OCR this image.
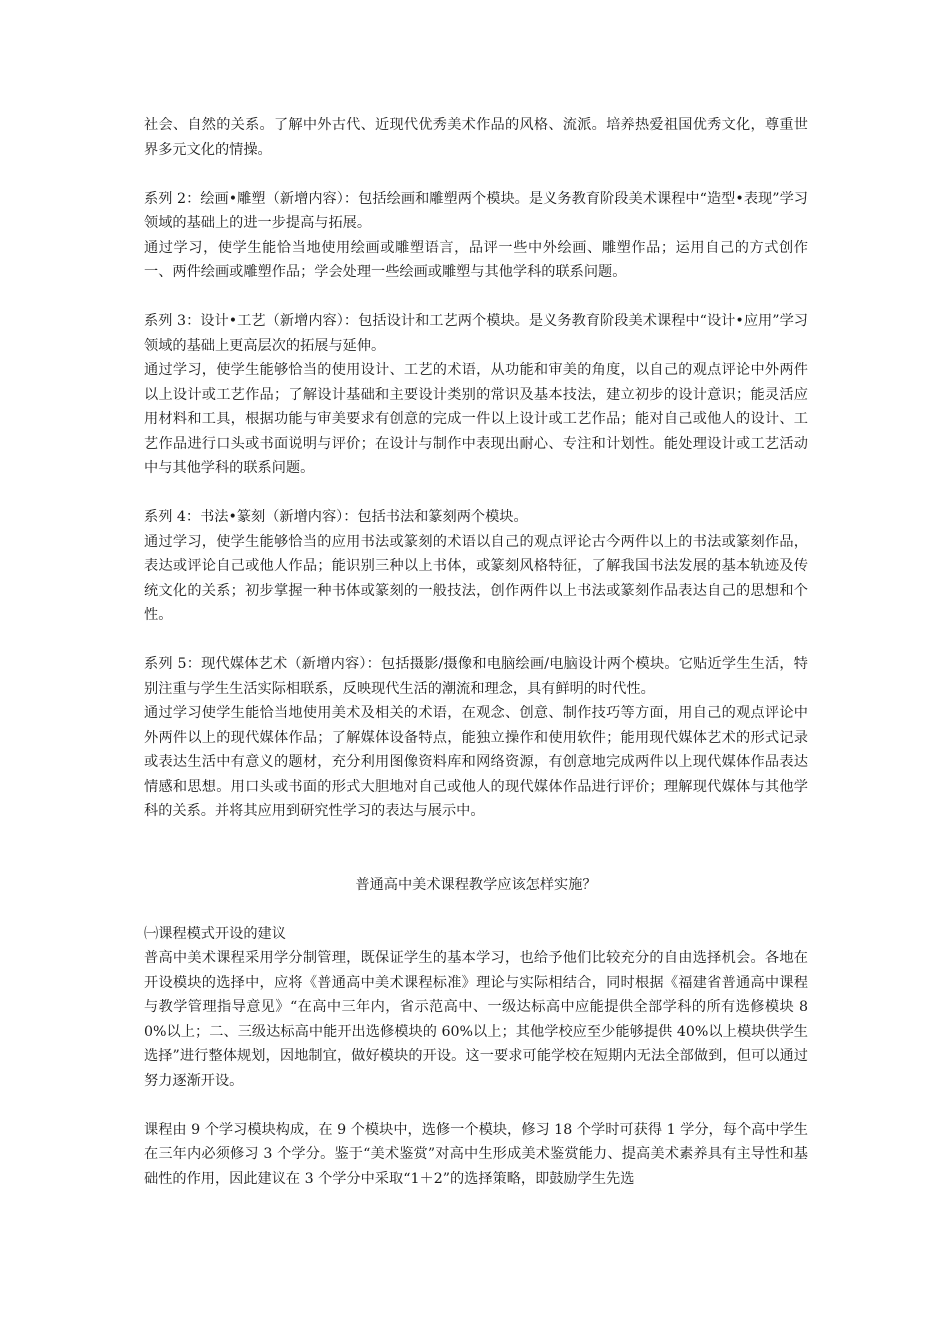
社会、自然的关系。了解中外古代、近现代优秀美术作品的风格、流派。培养热爱祖国优秀文化，尊重世界多元文化的情操。

系列 2：绘画•雕塑（新增内容）：包括绘画和雕塑两个模块。是义务教育阶段美术课程中“造型•表现”学习领域的基础上的进一步提高与拓展。

通过学习，使学生能恰当地使用绘画或雕塑语言，品评一些中外绘画、雕塑作品；运用自己的方式创作一、两件绘画或雕塑作品；学会处理一些绘画或雕塑与其他学科的联系问题。

系列 3：设计•工艺（新增内容）：包括设计和工艺两个模块。是义务教育阶段美术课程中“设计•应用”学习领域的基础上更高层次的拓展与延伸。

通过学习，使学生能够恰当的使用设计、工艺的术语，从功能和审美的角度，以自己的观点评论中外两件以上设计或工艺作品；了解设计基础和主要设计类别的常识及基本技法，建立初步的设计意识；能灵活应用材料和工具，根据功能与审美要求有创意的完成一件以上设计或工艺作品；能对自己或他人的设计、工艺作品进行口头或书面说明与评价；在设计与制作中表现出耐心、专注和计划性。能处理设计或工艺活动中与其他学科的联系问题。

系列 4：书法•篆刻（新增内容）：包括书法和篆刻两个模块。

通过学习，使学生能够恰当的应用书法或篆刻的术语以自己的观点评论古今两件以上的书法或篆刻作品，表达或评论自己或他人作品；能识别三种以上书体，或篆刻风格特征，了解我国书法发展的基本轨迹及传统文化的关系；初步掌握一种书体或篆刻的一般技法，创作两件以上书法或篆刻作品表达自己的思想和个性。

系列 5：现代媒体艺术（新增内容）：包括摄影/摄像和电脑绘画/电脑设计两个模块。它贴近学生生活，特别注重与学生生活实际相联系，反映现代生活的潮流和理念，具有鲜明的时代性。

通过学习使学生能恰当地使用美术及相关的术语，在观念、创意、制作技巧等方面，用自己的观点评论中外两件以上的现代媒体作品；了解媒体设备特点，能独立操作和使用软件；能用现代媒体艺术的形式记录或表达生活中有意义的题材，充分利用图像资料库和网络资源，有创意地完成两件以上现代媒体作品表达情感和思想。用口头或书面的形式大胆地对自己或他人的现代媒体作品进行评价；理解现代媒体与其他学科的关系。并将其应用到研究性学习的表达与展示中。

普通高中美术课程教学应该怎样实施？

㈠课程模式开设的建议

普高中美术课程采用学分制管理，既保证学生的基本学习，也给予他们比较充分的自由选择机会。各地在开设模块的选择中，应将《普通高中美术课程标准》理论与实际相结合，同时根据《福建省普通高中课程与教学管理指导意见》“在高中三年内，省示范高中、一级达标高中应能提供全部学科的所有选修模块 80%以上；二、三级达标高中能开出选修模块的 60%以上；其他学校应至少能够提供 40%以上模块供学生选择”进行整体规划，因地制宜，做好模块的开设。这一要求可能学校在短期内无法全部做到，但可以通过努力逐渐开设。

课程由 9 个学习模块构成，在 9 个模块中，选修一个模块，修习 18 个学时可获得 1 学分，每个高中学生在三年内必须修习 3 个学分。鉴于“美术鉴赏”对高中生形成美术鉴赏能力、提高美术素养具有主导性和基础性的作用，因此建议在 3 个学分中采取“1＋2”的选择策略，即鼓励学生先选
